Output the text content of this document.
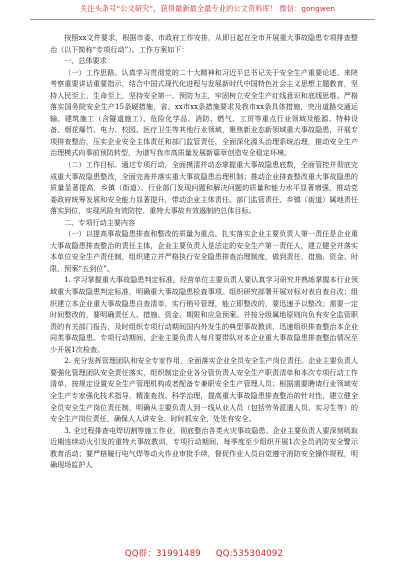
关注头条号“公文研究”，获得最新最全最专业的公文资料库！ 微信：gongwen

按照xx文件要求，根据市委、市政府工作安排，从即日起在全市开展重大事故隐患专项排查整治（以下简称“专项行动”）。工作方案如下：

一、总体要求

（一）工作思路。认真学习贯彻党的二十大精神和习近平总书记关于安全生产重要论述、来陕考察重要讲话重要指示，结合中国式现代化进程与发展新时代中国特色社会主义思想主题教育，坚持人民至上、生命至上，坚持安全第一、预防为主，牢固树立安全生产红线意识和底线思维。严格落实国务院安全生产15条硬措施，省、xx市xx条措施要求及我市xx条具体措施，突出道路交通运输、建筑施工（含隧道施工）、危险化学品、消防、燃气、工贸等重点行业领域及能源、特种设备、烟花爆竹、电力、校园、医疗卫生等其他行业领域，聚焦新业态新领域重大事故隐患，开展专项排查整治，压实企业安全主体责任和部门监管责任，全面深化源头治理系统治理，推动安全生产治理模式向事前预防转型，为谱写我市高质量发展新篇章创造安全稳定环境。

（二）工作目标。通过专项行动，全面摸清并动态掌握重大事故隐患底数，全面管控并彻底完成重大事故隐患整改，全面完善并落实重大事故隐患治理机制；推动企业排查整改重大事故隐患的质量显著提高，乡镇（街道）、行业部门发现问题和解决问题的质量和能力水平显著增强，推动党委政府统筹发展和安全能力显著提升，带动企业主体责任、部门监管责任、乡镇（街道）属地责任落实到位，实现风险有效防控、重特大事故有效遏制的总体目标。

二、专项行动主要内容

（一）以提高事故隐患排查和整改的质量为重点，扎实落实企业主要负责人第一责任是企业重大事故隐患排查整治的责任主体，企业主要负责人是法定的安全生产第一责任人，建立健全并落实本单位安全生产责任制，组织建立并严格执行安全隐患排查治理制度，做到责任、措施、资金、时限、预案“五到位”。

1. 学习掌握重大事故隐患判定标准。经营单位主要负责人要认真学习研究并熟练掌握本行业领域重大事故隐患判定标准，明确重大事故隐患检查事项。组织研究部署开展对标对表自查自改；组织建立本企业重大事故隐患自查清单，实行销号管理，能立即整改的，要迅速予以整改；需要一定时间整改的，要明确责任人、措施、资金、期限和应急预案。并按分级属地原则向负有安全监管职责的有关部门报告，及时组织专项行动期间国内外发生的典型事故教训，迅速组织排查整治本企业同类事故隐患。专项行动期间，企业主要负责人每月要带队对本企业重大事故隐患排查整治情况至少开展1次检查。

2. 充分发挥管理团队和安全专家作用，全面落实企业全员安全生产岗位责任。企业主要负责人要强化管理团队安全责任落实，组织制定企业各分管负责人安全生产职责清单和本次专项行动工作清单，按规定设置安全生产管理机构或者配备专兼职安全生产管理人员；根据需要聘请行业领域安全生产专家强化技术指导，精准查找、科学治理，提高重大事故隐患排查整治的针对性，建立健全全员安全生产岗位责任制，明确从主要负责人到一线从业人员（包括劳务派遣人员、实习生等）的安全生产岗位责任，确保人人讲安全、时时抓安全、处处有安全。

3. 全过程排查电焊切割等施工作业，彻底整治各类火灾事故隐患。企业主要负责人要深刻吸取近期连续动火引发的重特大事故教训，专项行动期间，每季度至少组织开展1次全员消防安全警示教育活动；要严格履行电气焊等动火作业审批手续，督促作业人员自觉遵守消防安全操作规程，明确现场监护人

QQ群：31991489 QQ:535304092
